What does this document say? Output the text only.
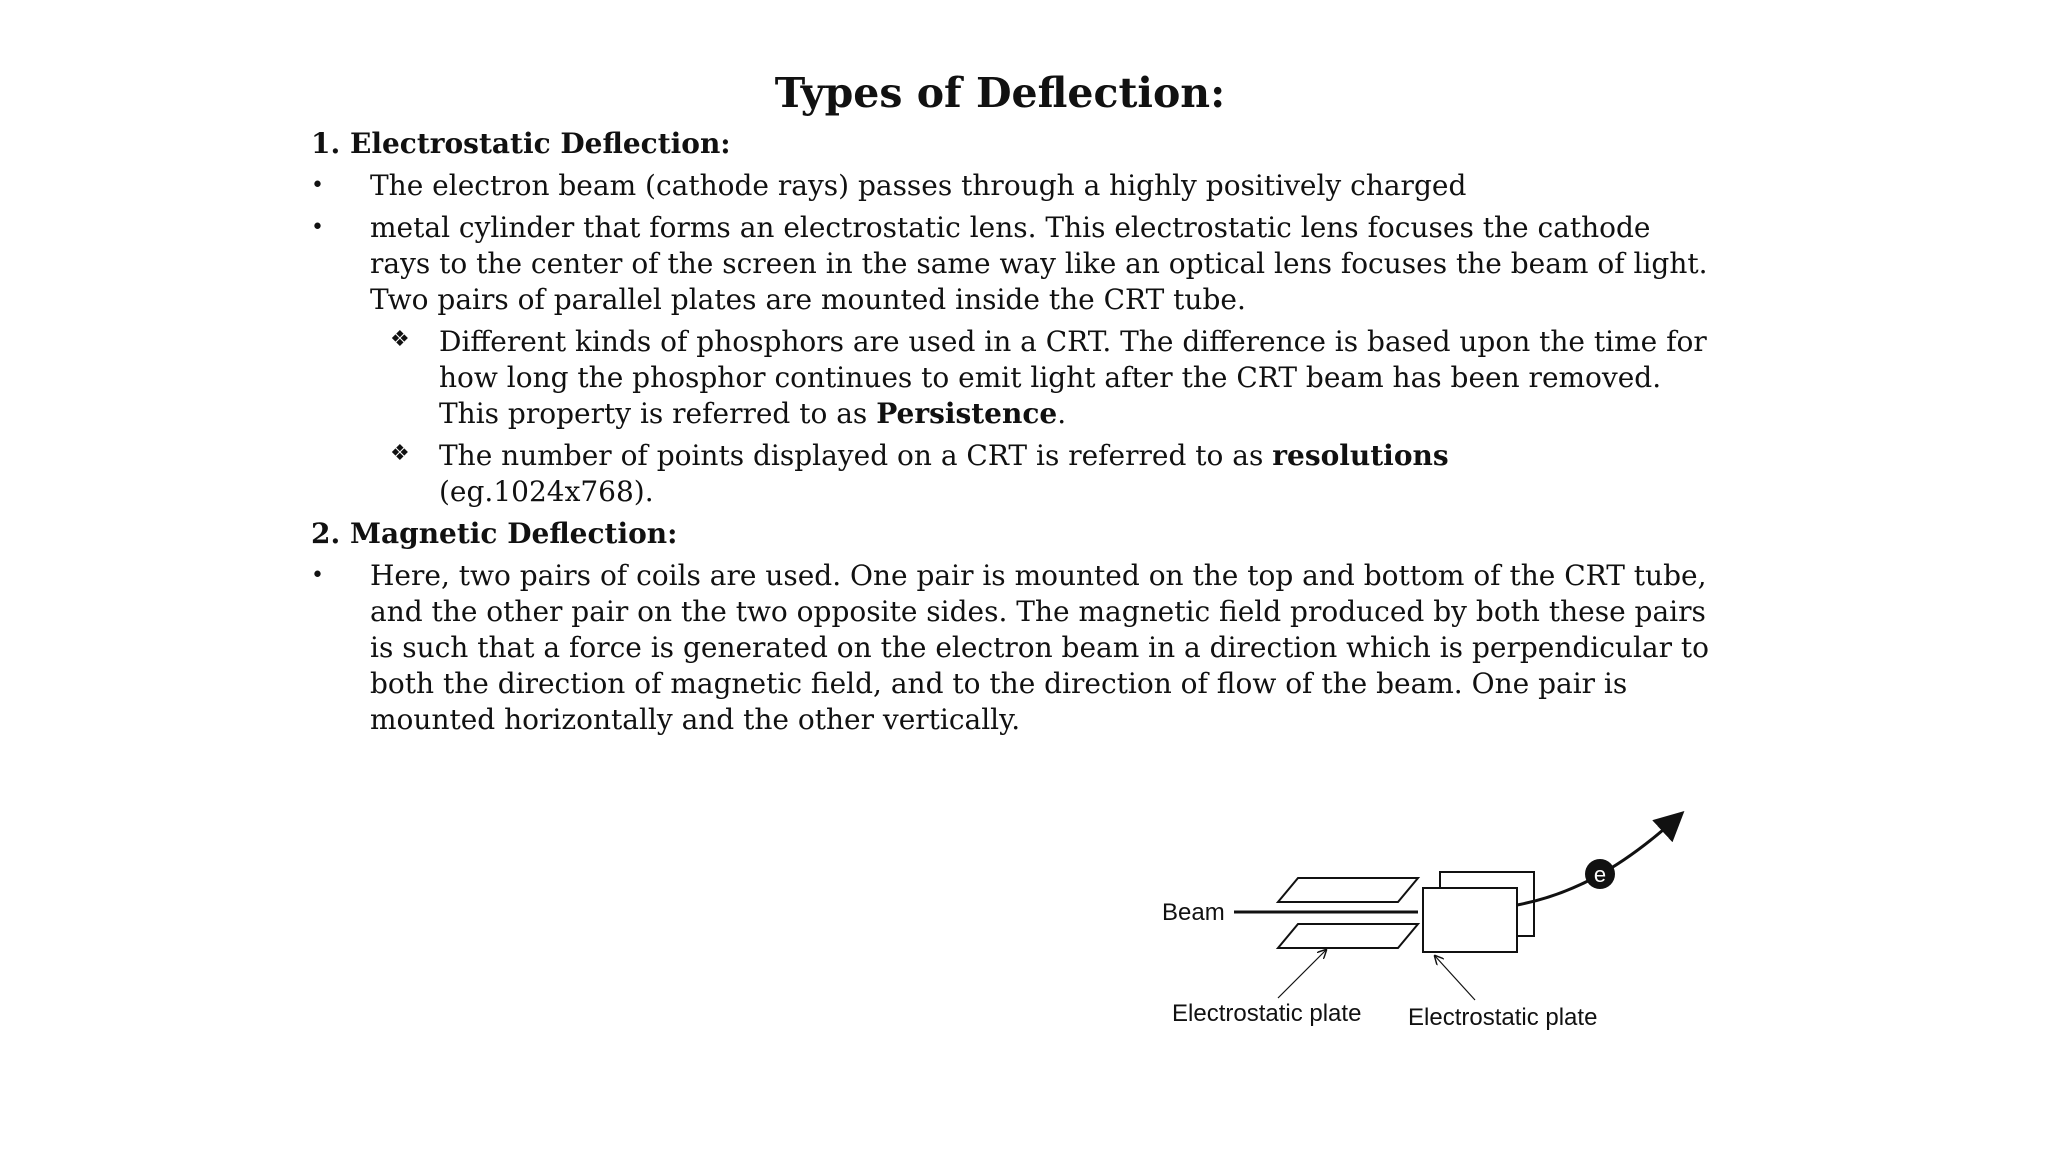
Types of Deflection:
1. Electrostatic Deflection:
• The electron beam (cathode rays) passes through a highly positively charged
• metal cylinder that forms an electrostatic lens. This electrostatic lens focuses the cathode rays to the center of the screen in the same way like an optical lens focuses the beam of light. Two pairs of parallel plates are mounted inside the CRT tube.
❖ Different kinds of phosphors are used in a CRT. The difference is based upon the time for how long the phosphor continues to emit light after the CRT beam has been removed. This property is referred to as Persistence.
❖ The number of points displayed on a CRT is referred to as resolutions
(eg.1024x768).
2. Magnetic Deflection:
• Here, two pairs of coils are used. One pair is mounted on the top and bottom of the CRT tube, and the other pair on the two opposite sides. The magnetic field produced by both these pairs is such that a force is generated on the electron beam in a direction which is perpendicular to both the direction of magnetic field, and to the direction of flow of the beam. One pair is mounted horizontally and the other vertically.
e
Beam
Electrostatic plate Electrostatic plate
